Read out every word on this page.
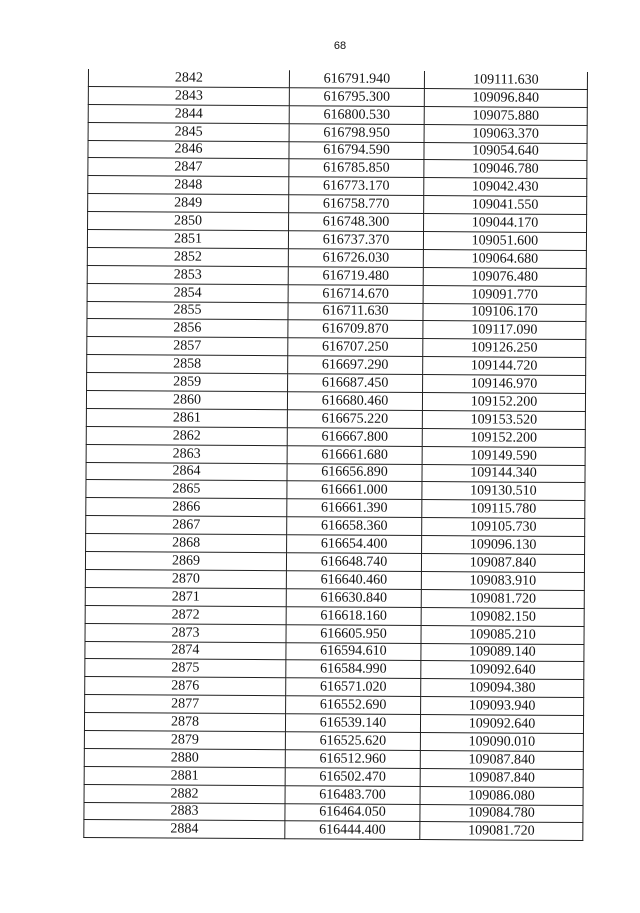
68
2842	616791.940	109111.630
2843	616795.300	109096.840
2844	616800.530	109075.880
2845	616798.950	109063.370
2846	616794.590	109054.640
2847	616785.850	109046.780
2848	616773.170	109042.430
2849	616758.770	109041.550
2850	616748.300	109044.170
2851	616737.370	109051.600
2852	616726.030	109064.680
2853	616719.480	109076.480
2854	616714.670	109091.770
2855	616711.630	109106.170
2856	616709.870	109117.090
2857	616707.250	109126.250
2858	616697.290	109144.720
2859	616687.450	109146.970
2860	616680.460	109152.200
2861	616675.220	109153.520
2862	616667.800	109152.200
2863	616661.680	109149.590
2864	616656.890	109144.340
2865	616661.000	109130.510
2866	616661.390	109115.780
2867	616658.360	109105.730
2868	616654.400	109096.130
2869	616648.740	109087.840
2870	616640.460	109083.910
2871	616630.840	109081.720
2872	616618.160	109082.150
2873	616605.950	109085.210
2874	616594.610	109089.140
2875	616584.990	109092.640
2876	616571.020	109094.380
2877	616552.690	109093.940
2878	616539.140	109092.640
2879	616525.620	109090.010
2880	616512.960	109087.840
2881	616502.470	109087.840
2882	616483.700	109086.080
2883	616464.050	109084.780
2884	616444.400	109081.720
